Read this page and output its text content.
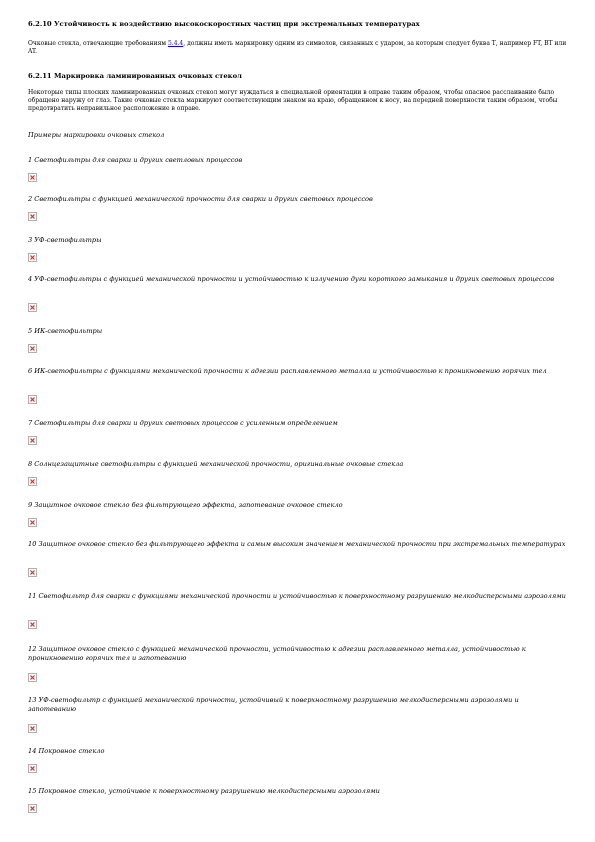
6.2.10 Устойчивость к воздействию высокоскоростных частиц при экстремальных температурах

Очковые стекла, отвечающие требованиям 5.4.4, должны иметь маркировку одним из символов, связанных с ударом, за которым следует буква Т, например FT, BT или AT.

6.2.11 Маркировка ламинированных очковых стекол

Некоторые типы плоских ламинированных очковых стекол могут нуждаться в специальной ориентации в оправе таким образом, чтобы опасное расслаивание было обращено наружу от глаз. Такие очковые стекла маркируют соответствующим знаком на краю, обращенном к носу, на передней поверхности таким образом, чтобы предотвратить неправильное расположение в оправе.

Примеры маркировки очковых стекол

1 Светофильтры для сварки и других светловых процессов

2 Светофильтры с функцией механической прочности для сварки и других световых процессов

3 УФ-светофильтры

4 УФ-светофильтры с функцией механической прочности и устойчивостью к излучению дуги короткого замыкания и других световых процессов

5 ИК-светофильтры

6 ИК-светофильтры с функциями механической прочности к адгезии расплавленного металла и устойчивостью к проникновению горячих тел

7 Светофильтры для сварки и других световых процессов с усиленным определением

8 Солнцезащитные светофильтры с функцией механической прочности, оригинальные очковые стекла

9 Защитное очковое стекло без фильтрующего эффекта, запотевание очковое стекло

10 Защитное очковое стекло без фильтрующего эффекта и самым высоким значением механической прочности при экстремальных температурах

11 Светофильтр для сварки с функциями механической прочности и устойчивостью к поверхностному разрушению мелкодисперсными аэрозолями

12 Защитное очковое стекло с функцией механической прочности, устойчивостью к адгезии расплавленного металла, устойчивостью к проникновению горячих тел и запотеванию

13 УФ-светофильтр с функцией механической прочности, устойчивый к поверхностному разрушению мелкодисперсными аэрозолями и запотеванию

14 Покровное стекло

15 Покровное стекло, устойчивое к поверхностному разрушению мелкодисперсными аэрозолями
